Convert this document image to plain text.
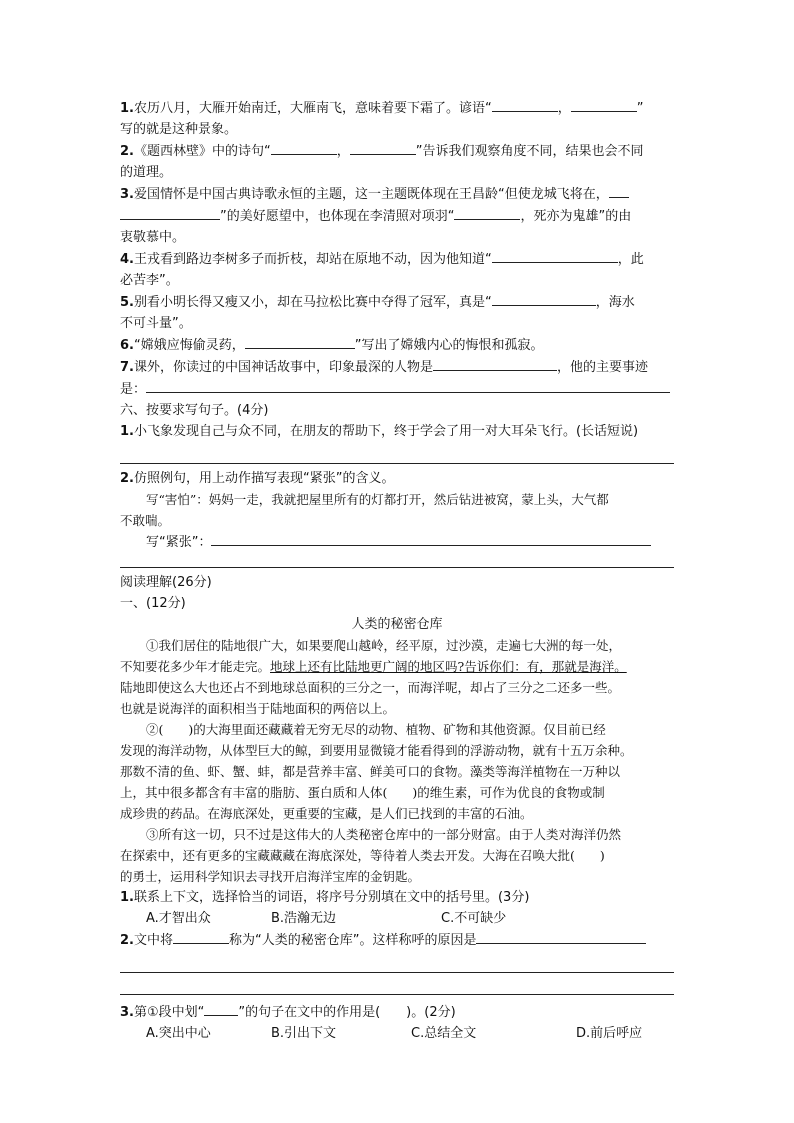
1.农历八月，大雁开始南迁，大雁南飞，意味着要下霜了。谚语“	，	”
写的就是这种景象。
2.《题西林壁》中的诗句“	，	”告诉我们观察角度不同，结果也会不同
的道理。
3.爱国情怀是中国古典诗歌永恒的主题，这一主题既体现在王昌龄“但使龙城飞将在，
”的美好愿望中，也体现在李清照对项羽“	，死亦为鬼雄”的由
衷敬慕中。
4.王戎看到路边李树多子而折枝，却站在原地不动，因为他知道“	，此
必苦李”。
5.别看小明长得又瘦又小，却在马拉松比赛中夺得了冠军，真是“	，海水
不可斗量”。
6.“嫦娥应悔偷灵药，	”写出了嫦娥内心的悔恨和孤寂。
7.课外，你读过的中国神话故事中，印象最深的人物是	，他的主要事迹
是：
六、按要求写句子。(4分)
1.小飞象发现自己与众不同，在朋友的帮助下，终于学会了用一对大耳朵飞行。(长话短说)
2.仿照例句，用上动作描写表现“紧张”的含义。
写“害怕”：妈妈一走，我就把屋里所有的灯都打开，然后钻进被窝，蒙上头，大气都
不敢喘。
写“紧张”：
阅读理解(26分)
一、(12分)
人类的秘密仓库
①我们居住的陆地很广大，如果要爬山越岭，经平原，过沙漠，走遍七大洲的每一处，
不知要花多少年才能走完。地球上还有比陆地更广阔的地区吗?告诉你们：有，那就是海洋。
陆地即使这么大也还占不到地球总面积的三分之一，而海洋呢，却占了三分之二还多一些。
也就是说海洋的面积相当于陆地面积的两倍以上。
②(　　)的大海里面还藏藏着无穷无尽的动物、植物、矿物和其他资源。仅目前已经
发现的海洋动物，从体型巨大的鲸，到要用显微镜才能看得到的浮游动物，就有十五万余种。
那数不清的鱼、虾、蟹、蚌，都是营养丰富、鲜美可口的食物。藻类等海洋植物在一万种以
上，其中很多都含有丰富的脂肪、蛋白质和人体(　　)的维生素，可作为优良的食物或制
成珍贵的药品。在海底深处，更重要的宝藏，是人们已找到的丰富的石油。
③所有这一切，只不过是这伟大的人类秘密仓库中的一部分财富。由于人类对海洋仍然
在探索中，还有更多的宝藏藏藏在海底深处，等待着人类去开发。大海在召唤大批(　　)
的勇士，运用科学知识去寻找开启海洋宝库的金钥匙。
1.联系上下文，选择恰当的词语，将序号分别填在文中的括号里。(3分)
A.才智出众	B.浩瀚无边	C.不可缺少
2.文中将	称为“人类的秘密仓库”。这样称呼的原因是
3.第①段中划“	”的句子在文中的作用是(　　)。(2分)
A.突出中心	B.引出下文	C.总结全文	D.前后呼应
